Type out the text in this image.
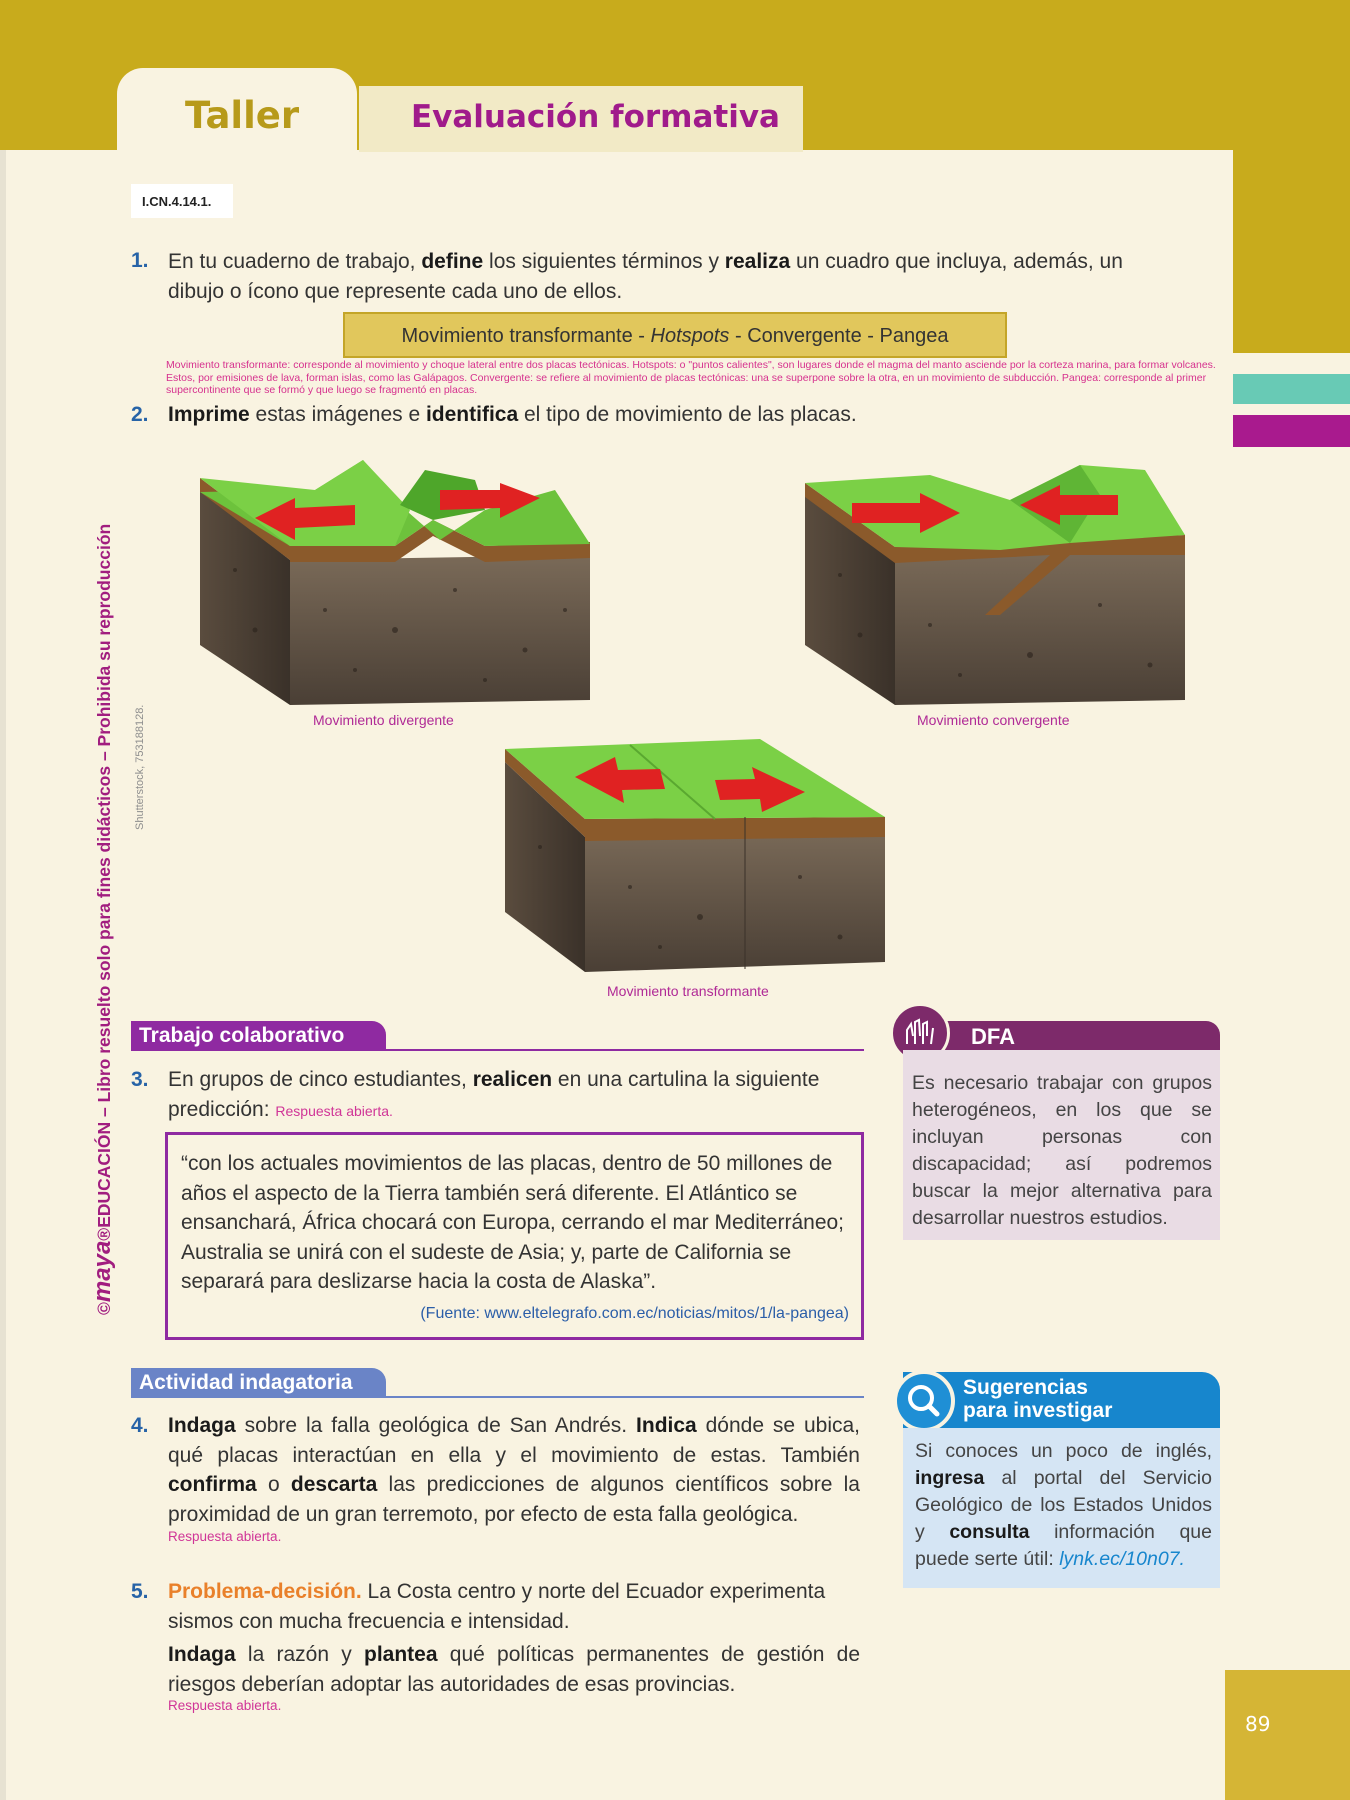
Taller	Evaluación formativa
I.CN.4.14.1.
1. En tu cuaderno de trabajo, define los siguientes términos y realiza un cuadro que incluya, además, un dibujo o ícono que represente cada uno de ellos.
Movimiento transformante - Hotspots - Convergente - Pangea
Movimiento transformante: corresponde al movimiento y choque lateral entre dos placas tectónicas. Hotspots: o "puntos calientes", son lugares donde el magma del manto asciende por la corteza marina, para formar volcanes. Estos, por emisiones de lava, forman islas, como las Galápagos. Convergente: se refiere al movimiento de placas tectónicas: una se superpone sobre la otra, en un movimiento de subducción. Pangea: corresponde al primer supercontinente que se formó y que luego se fragmentó en placas.
2. Imprime estas imágenes e identifica el tipo de movimiento de las placas.
Movimiento divergente	Movimiento convergente
Movimiento transformante
©maya®EDUCACIÓN – Libro resuelto solo para fines didácticos – Prohibida su reproducción Shutterstock, 753188128.
Trabajo colaborativo
3. En grupos de cinco estudiantes, realicen en una cartulina la siguiente predicción: Respuesta abierta.
“con los actuales movimientos de las placas, dentro de 50 millones de años el aspecto de la Tierra también será diferente. El Atlántico se ensanchará, África chocará con Europa, cerrando el mar Mediterráneo; Australia se unirá con el sudeste de Asia; y, parte de California se separará para deslizarse hacia la costa de Alaska”.
(Fuente: www.eltelegrafo.com.ec/noticias/mitos/1/la-pangea)
DFA
Es necesario trabajar con grupos heterogéneos, en los que se incluyan personas con discapacidad; así podremos buscar la mejor alternativa para desarrollar nuestros estudios.
Actividad indagatoria
4. Indaga sobre la falla geológica de San Andrés. Indica dónde se ubica, qué placas interactúan en ella y el movimiento de estas. También confirma o descarta las predicciones de algunos científicos sobre la proximidad de un gran terremoto, por efecto de esta falla geológica.
Respuesta abierta.
5. Problema-decisión. La Costa centro y norte del Ecuador experimenta sismos con mucha frecuencia e intensidad.
Indaga la razón y plantea qué políticas permanentes de gestión de riesgos deberían adoptar las autoridades de esas provincias.
Respuesta abierta.
Sugerencias
para investigar
Si conoces un poco de inglés, ingresa al portal del Servicio Geológico de los Estados Unidos y consulta información que puede serte útil: lynk.ec/10n07.
89
